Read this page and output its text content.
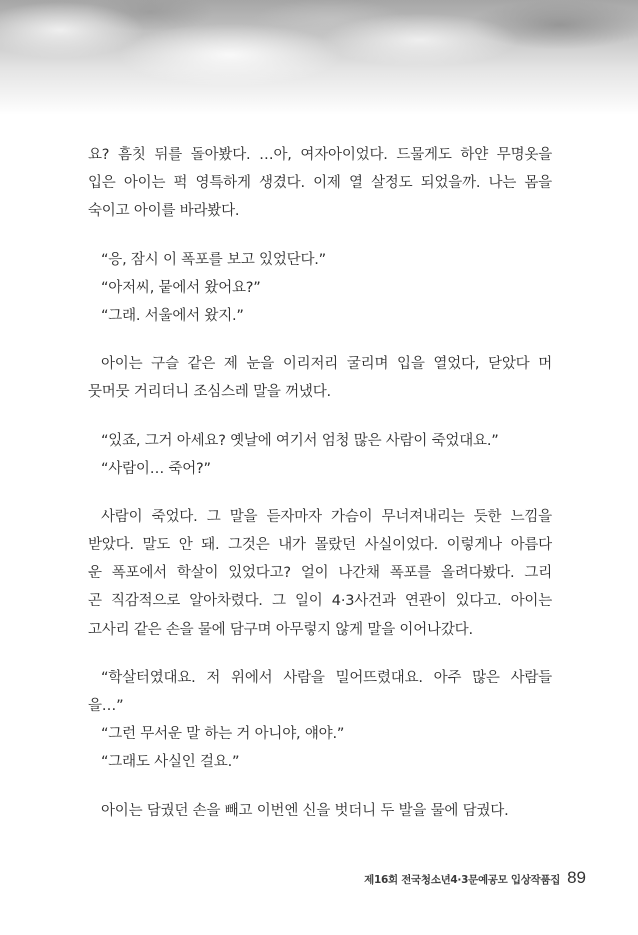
요? 흠칫 뒤를 돌아봤다. …아, 여자아이었다. 드물게도 하얀 무명옷을
입은 아이는 퍽 영특하게 생겼다. 이제 열 살정도 되었을까. 나는 몸을
숙이고 아이를 바라봤다.
“응, 잠시 이 폭포를 보고 있었단다.”
“아저씨, 뭍에서 왔어요?”
“그래. 서울에서 왔지.”
아이는 구슬 같은 제 눈을 이리저리 굴리며 입을 열었다, 닫았다 머
뭇머뭇 거리더니 조심스레 말을 꺼냈다.
“있죠, 그거 아세요? 옛날에 여기서 엄청 많은 사람이 죽었대요.”
“사람이… 죽어?”
사람이 죽었다. 그 말을 듣자마자 가슴이 무너져내리는 듯한 느낌을
받았다. 말도 안 돼. 그것은 내가 몰랐던 사실이었다. 이렇게나 아름다
운 폭포에서 학살이 있었다고? 얼이 나간채 폭포를 올려다봤다. 그리
곤 직감적으로 알아차렸다. 그 일이 4·3사건과 연관이 있다고. 아이는
고사리 같은 손을 물에 담구며 아무렇지 않게 말을 이어나갔다.
“학살터였대요. 저 위에서 사람을 밀어뜨렸대요. 아주 많은 사람들
을…”
“그런 무서운 말 하는 거 아니야, 얘야.”
“그래도 사실인 걸요.”
아이는 담궜던 손을 빼고 이번엔 신을 벗더니 두 발을 물에 담궜다.
제16회 전국청소년4·3문예공모 입상작품집 89
